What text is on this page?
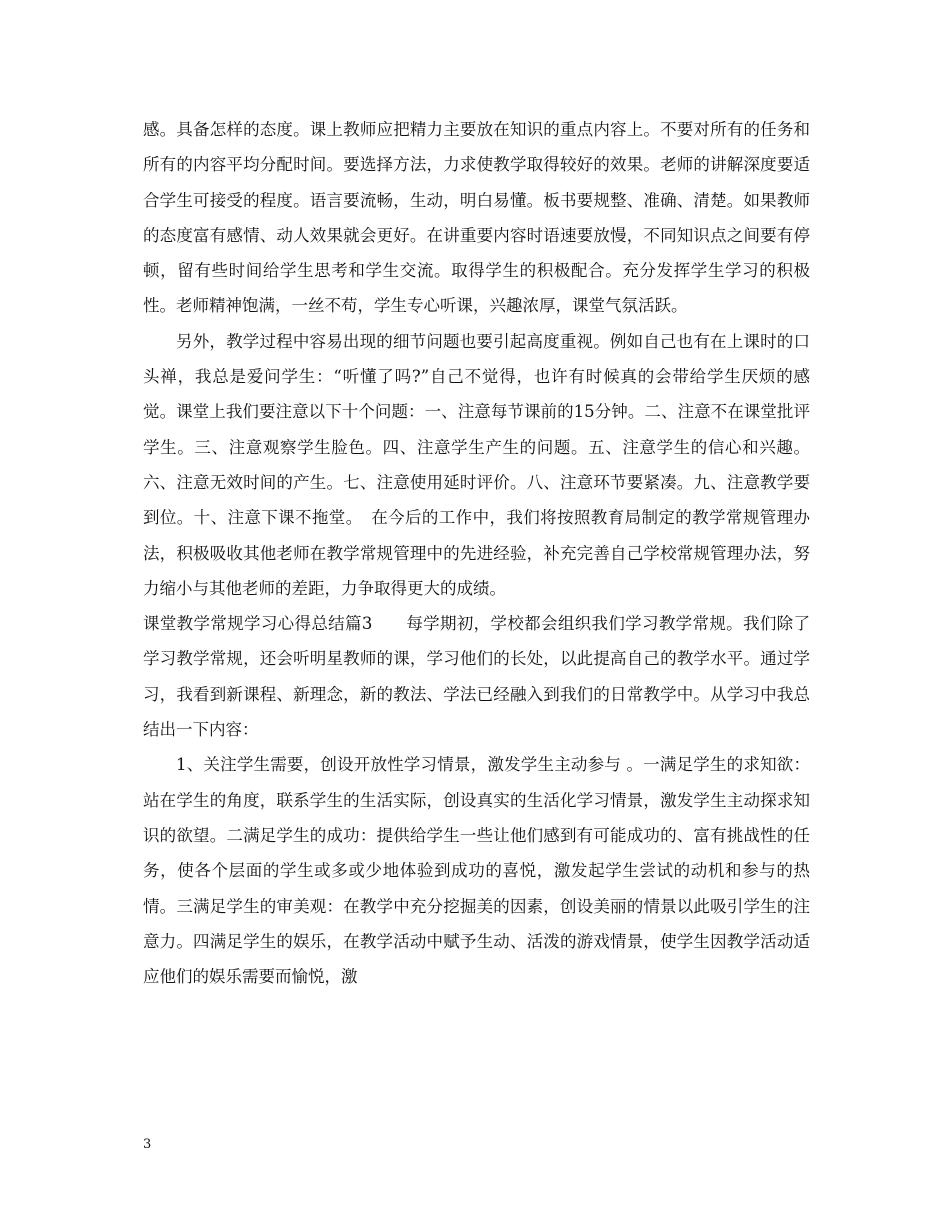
感。具备怎样的态度。课上教师应把精力主要放在知识的重点内容上。不要对所有的任务和所有的内容平均分配时间。要选择方法，力求使教学取得较好的效果。老师的讲解深度要适合学生可接受的程度。语言要流畅，生动，明白易懂。板书要规整、准确、清楚。如果教师的态度富有感情、动人效果就会更好。在讲重要内容时语速要放慢，不同知识点之间要有停顿，留有些时间给学生思考和学生交流。取得学生的积极配合。充分发挥学生学习的积极性。老师精神饱满，一丝不苟，学生专心听课，兴趣浓厚，课堂气氛活跃。

另外，教学过程中容易出现的细节问题也要引起高度重视。例如自己也有在上课时的口头禅，我总是爱问学生：“听懂了吗?”自己不觉得，也许有时候真的会带给学生厌烦的感觉。课堂上我们要注意以下十个问题：一、注意每节课前的15分钟。二、注意不在课堂批评学生。三、注意观察学生脸色。四、注意学生产生的问题。五、注意学生的信心和兴趣。六、注意无效时间的产生。七、注意使用延时评价。八、注意环节要紧凑。九、注意教学要到位。十、注意下课不拖堂。　在今后的工作中，我们将按照教育局制定的教学常规管理办法，积极吸收其他老师在教学常规管理中的先进经验，补充完善自己学校常规管理办法，努力缩小与其他老师的差距，力争取得更大的成绩。

课堂教学常规学习心得总结篇3　　每学期初，学校都会组织我们学习教学常规。我们除了学习教学常规，还会听明星教师的课，学习他们的长处，以此提高自己的教学水平。通过学习，我看到新课程、新理念，新的教法、学法已经融入到我们的日常教学中。从学习中我总结出一下内容：

1、关注学生需要，创设开放性学习情景，激发学生主动参与 。一满足学生的求知欲：站在学生的角度，联系学生的生活实际，创设真实的生活化学习情景，激发学生主动探求知识的欲望。二满足学生的成功：提供给学生一些让他们感到有可能成功的、富有挑战性的任务，使各个层面的学生或多或少地体验到成功的喜悦，激发起学生尝试的动机和参与的热情。三满足学生的审美观：在教学中充分挖掘美的因素，创设美丽的情景以此吸引学生的注意力。四满足学生的娱乐，在教学活动中赋予生动、活泼的游戏情景，使学生因教学活动适应他们的娱乐需要而愉悦，激

3
